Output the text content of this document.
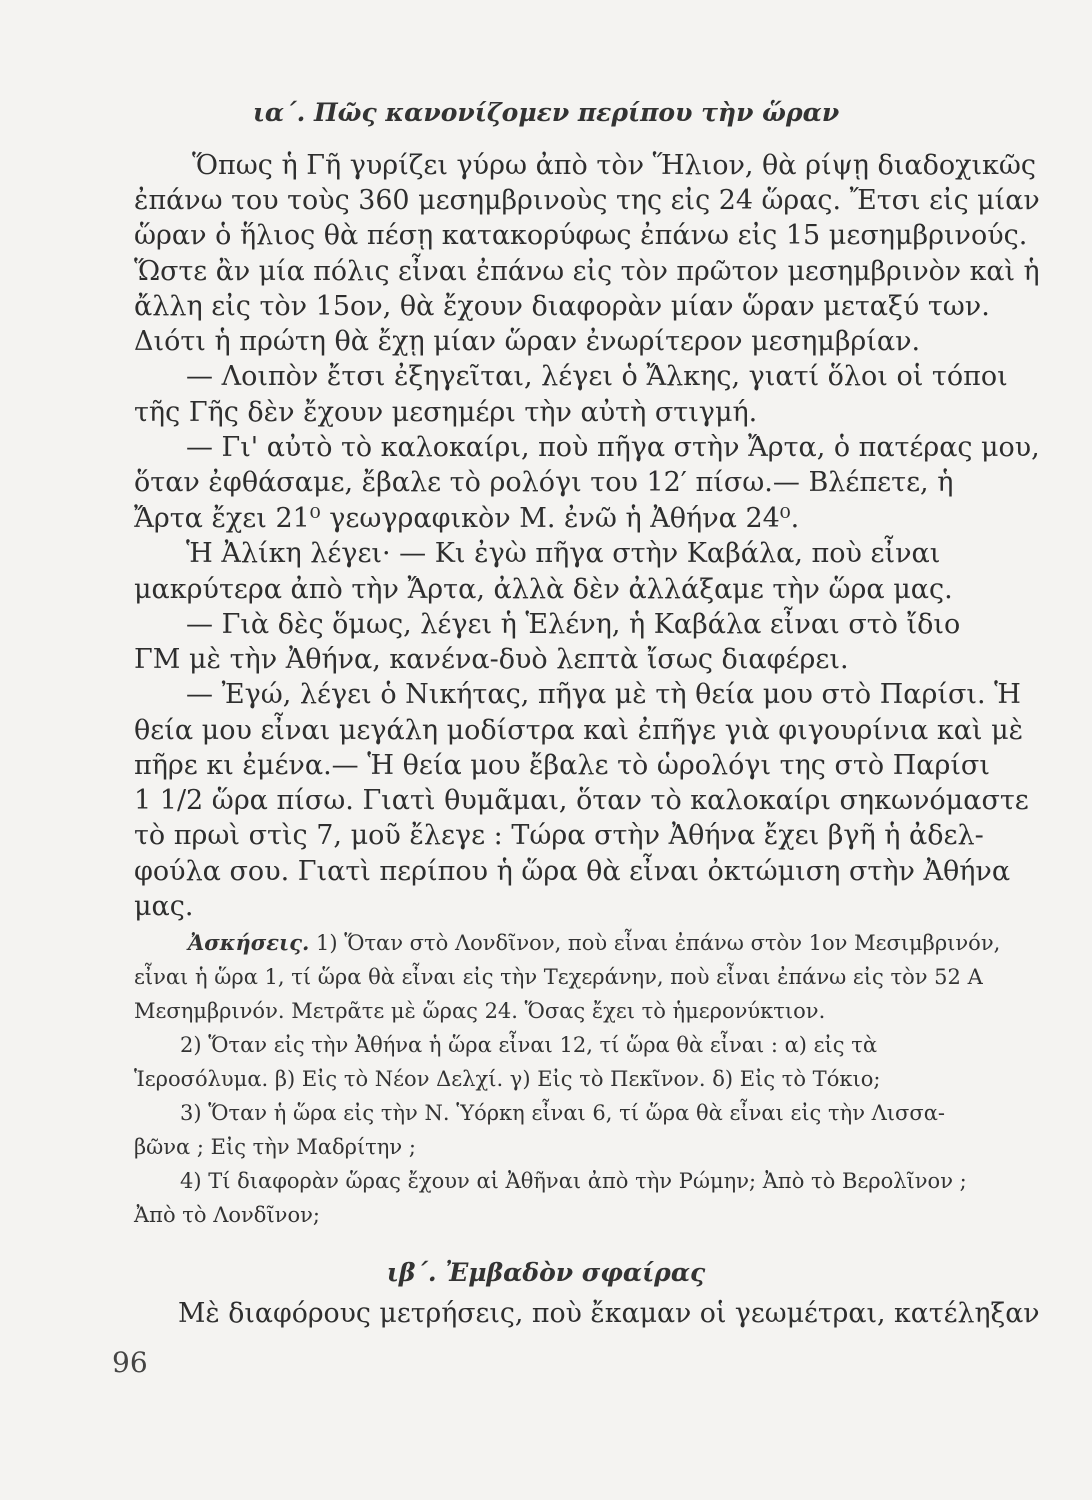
ια΄. Πῶς κανονίζομεν περίπου τὴν ὥραν
Ὅπως ἡ Γῆ γυρίζει γύρω ἀπὸ τὸν Ἥλιον, θὰ ρίψῃ διαδοχικῶς
ἐπάνω του τοὺς 360 μεσημβρινοὺς της εἰς 24 ὥρας. Ἔτσι εἰς μίαν
ὥραν ὁ ἥλιος θὰ πέσῃ κατακορύφως ἐπάνω εἰς 15 μεσημβρινούς.
Ὥστε ἂν μία πόλις εἶναι ἐπάνω εἰς τὸν πρῶτον μεσημβρινὸν καὶ ἡ
ἄλλη εἰς τὸν 15ον, θὰ ἔχουν διαφορὰν μίαν ὥραν μεταξύ των.
Διότι ἡ πρώτη θὰ ἔχῃ μίαν ὥραν ἐνωρίτερον μεσημβρίαν.
— Λοιπὸν ἔτσι ἐξηγεῖται, λέγει ὁ Ἄλκης, γιατί ὅλοι οἱ τόποι
τῆς Γῆς δὲν ἔχουν μεσημέρι τὴν αὐτὴ στιγμή.
— Γι' αὐτὸ τὸ καλοκαίρι, ποὺ πῆγα στὴν Ἄρτα, ὁ πατέρας μου,
ὅταν ἐφθάσαμε, ἔβαλε τὸ ρολόγι του 12′ πίσω.— Βλέπετε, ἡ
Ἄρτα ἔχει 21⁰ γεωγραφικὸν Μ. ἐνῶ ἡ Ἀθήνα 24⁰.
Ἡ Ἀλίκη λέγει· — Κι ἐγὼ πῆγα στὴν Καβάλα, ποὺ εἶναι
μακρύτερα ἀπὸ τὴν Ἄρτα, ἀλλὰ δὲν ἀλλάξαμε τὴν ὥρα μας.
— Γιὰ δὲς ὅμως, λέγει ἡ Ἑλένη, ἡ Καβάλα εἶναι στὸ ἴδιο
ΓΜ μὲ τὴν Ἀθήνα, κανένα-δυὸ λεπτὰ ἴσως διαφέρει.
— Ἐγώ, λέγει ὁ Νικήτας, πῆγα μὲ τὴ θεία μου στὸ Παρίσι. Ἡ
θεία μου εἶναι μεγάλη μοδίστρα καὶ ἐπῆγε γιὰ φιγουρίνια καὶ μὲ
πῆρε κι ἐμένα.— Ἡ θεία μου ἔβαλε τὸ ὡρολόγι της στὸ Παρίσι
1 1/2 ὥρα πίσω. Γιατὶ θυμᾶμαι, ὅταν τὸ καλοκαίρι σηκωνόμαστε
τὸ πρωὶ στὶς 7, μοῦ ἔλεγε : Τώρα στὴν Ἀθήνα ἔχει βγῆ ἡ ἀδελ-
φούλα σου. Γιατὶ περίπου ἡ ὥρα θὰ εἶναι ὀκτώμιση στὴν Ἀθήνα
μας.
Ἀσκήσεις. 1) Ὅταν στὸ Λονδῖνον, ποὺ εἶναι ἐπάνω στὸν 1ον Μεσιμβρινόν,
εἶναι ἡ ὥρα 1, τί ὥρα θὰ εἶναι εἰς τὴν Τεχεράνην, ποὺ εἶναι ἐπάνω εἰς τὸν 52 Α
Μεσημβρινόν. Μετρᾶτε μὲ ὥρας 24. Ὅσας ἔχει τὸ ἡμερονύκτιον.
2) Ὅταν εἰς τὴν Ἀθήνα ἡ ὥρα εἶναι 12, τί ὥρα θὰ εἶναι : α) εἰς τὰ
Ἱεροσόλυμα. β) Εἰς τὸ Νέον Δελχί. γ) Εἰς τὸ Πεκῖνον. δ) Εἰς τὸ Τόκιο;
3) Ὅταν ἡ ὥρα εἰς τὴν Ν. Ὑόρκη εἶναι 6, τί ὥρα θὰ εἶναι εἰς τὴν Λισσα-
βῶνα ; Εἰς τὴν Μαδρίτην ;
4) Τί διαφορὰν ὥρας ἔχουν αἱ Ἀθῆναι ἀπὸ τὴν Ρώμην; Ἀπὸ τὸ Βερολῖνον ;
Ἀπὸ τὸ Λονδῖνον;
ιβ΄. Ἐμβαδὸν σφαίρας
Μὲ διαφόρους μετρήσεις, ποὺ ἔκαμαν οἱ γεωμέτραι, κατέληξαν
96
